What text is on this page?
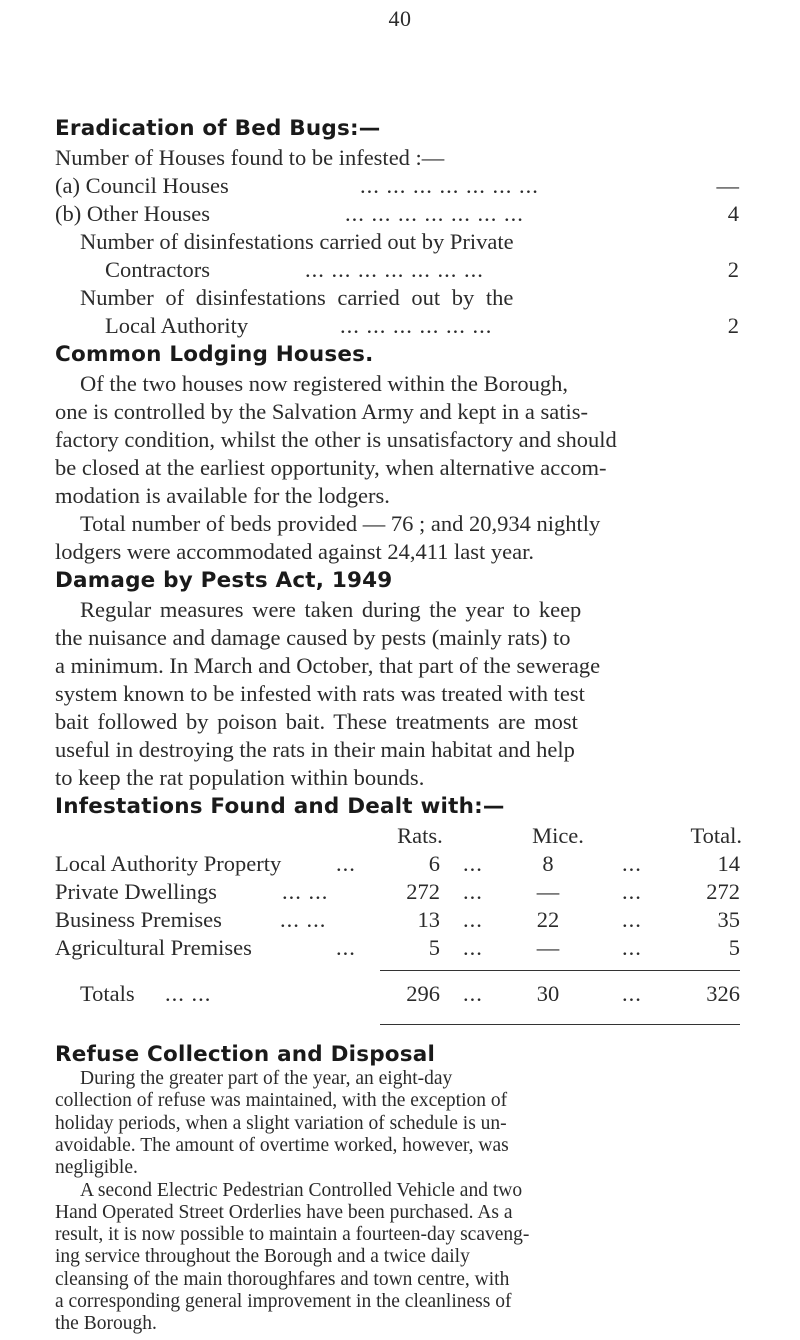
40
Eradication of Bed Bugs:—
Number of Houses found to be infested :—
(a) Council Houses	... ... ... ... ... ... ...	—
(b) Other Houses	... ... ... ... ... ... ...	4
Number of disinfestations carried out by Private
Contractors	... ... ... ... ... ... ...	2
Number of disinfestations carried out by the
Local Authority	... ... ... ... ... ...	2
Common Lodging Houses.
Of the two houses now registered within the Borough,
one is controlled by the Salvation Army and kept in a satis-
factory condition, whilst the other is unsatisfactory and should
be closed at the earliest opportunity, when alternative accom-
modation is available for the lodgers.
Total number of beds provided — 76 ; and 20,934 nightly
lodgers were accommodated against 24,411 last year.
Damage by Pests Act, 1949
Regular measures were taken during the year to keep
the nuisance and damage caused by pests (mainly rats) to
a minimum. In March and October, that part of the sewerage
system known to be infested with rats was treated with test
bait followed by poison bait. These treatments are most
useful in destroying the rats in their main habitat and help
to keep the rat population within bounds.
Infestations Found and Dealt with:—
Rats.	Mice.	Total.
Local Authority Property ...	6 ...	8	...	14
Private Dwellings	... ...	272 ...	—	...	272
Business Premises	... ...	13 ...	22	...	35
Agricultural Premises	...	5 ...	—	...	5
Totals ... ...	296 ...	30	...	326
Refuse Collection and Disposal
During the greater part of the year, an eight-day
collection of refuse was maintained, with the exception of
holiday periods, when a slight variation of schedule is un-
avoidable. The amount of overtime worked, however, was
negligible.
A second Electric Pedestrian Controlled Vehicle and two
Hand Operated Street Orderlies have been purchased. As a
result, it is now possible to maintain a fourteen-day scaveng-
ing service throughout the Borough and a twice daily
cleansing of the main thoroughfares and town centre, with
a corresponding general improvement in the cleanliness of
the Borough.
